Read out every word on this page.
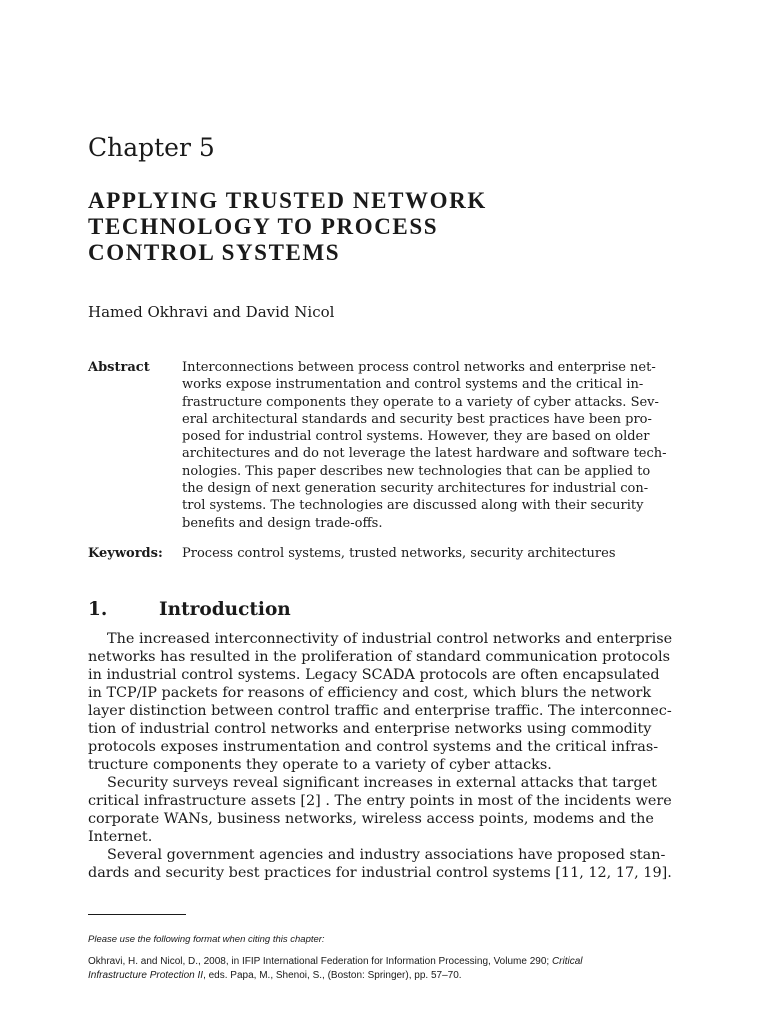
Chapter 5
APPLYING TRUSTED NETWORK
TECHNOLOGY TO PROCESS
CONTROL SYSTEMS
Hamed Okhravi and David Nicol
Abstract Interconnections between process control networks and enterprise net-
works expose instrumentation and control systems and the critical in-
frastructure components they operate to a variety of cyber attacks. Sev-
eral architectural standards and security best practices have been pro-
posed for industrial control systems. However, they are based on older
architectures and do not leverage the latest hardware and software tech-
nologies. This paper describes new technologies that can be applied to
the design of next generation security architectures for industrial con-
trol systems. The technologies are discussed along with their security
benefits and design trade-offs.
Keywords: Process control systems, trusted networks, security architectures
1.	Introduction
The increased interconnectivity of industrial control networks and enterprise
networks has resulted in the proliferation of standard communication protocols
in industrial control systems. Legacy SCADA protocols are often encapsulated
in TCP/IP packets for reasons of efficiency and cost, which blurs the network
layer distinction between control traffic and enterprise traffic. The interconnec-
tion of industrial control networks and enterprise networks using commodity
protocols exposes instrumentation and control systems and the critical infras-
tructure components they operate to a variety of cyber attacks.
Security surveys reveal significant increases in external attacks that target
critical infrastructure assets [2] . The entry points in most of the incidents were
corporate WANs, business networks, wireless access points, modems and the
Internet.
Several government agencies and industry associations have proposed stan-
dards and security best practices for industrial control systems [11, 12, 17, 19].
Please use the following format when citing this chapter:
Okhravi, H. and Nicol, D., 2008, in IFIP International Federation for Information Processing, Volume 290; Critical
Infrastructure Protection II, eds. Papa, M., Shenoi, S., (Boston: Springer), pp. 57–70.
